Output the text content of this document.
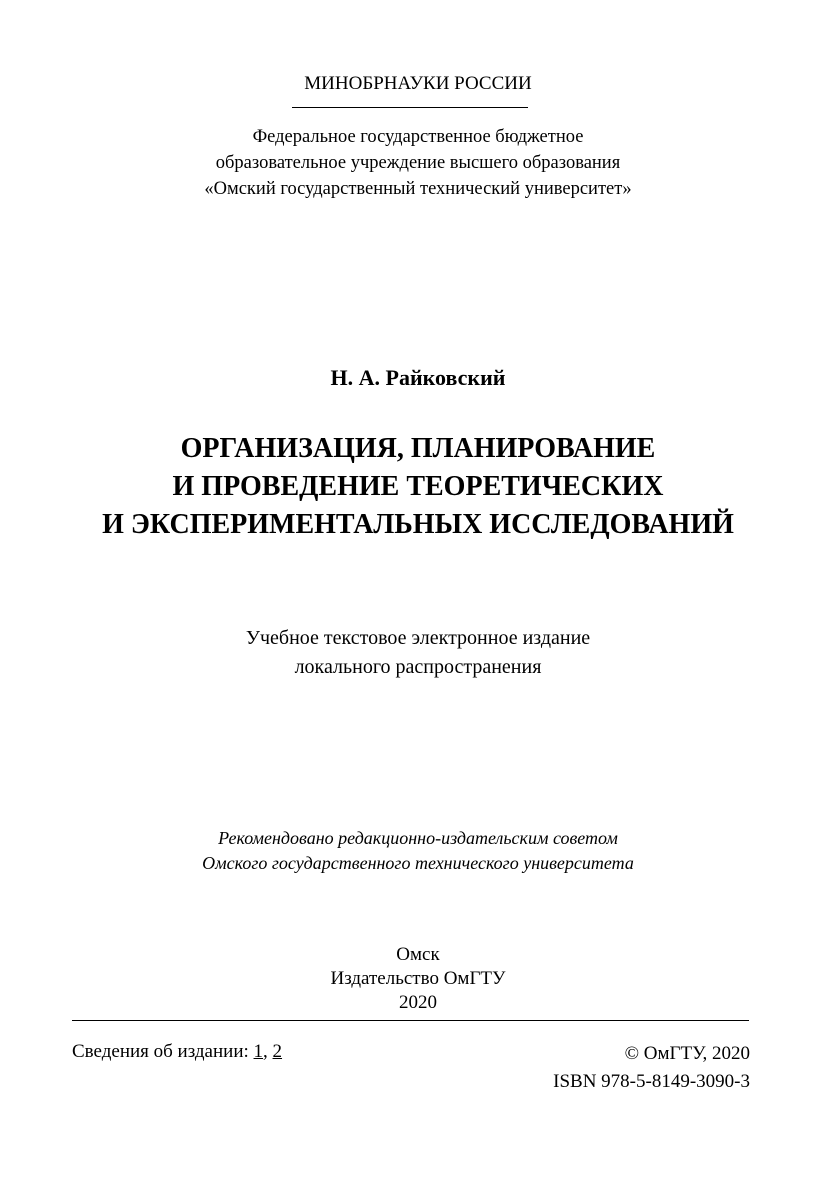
МИНОБРНАУКИ РОССИИ
Федеральное государственное бюджетное
образовательное учреждение высшего образования
«Омский государственный технический университет»
Н. А. Райковский
ОРГАНИЗАЦИЯ, ПЛАНИРОВАНИЕ
И ПРОВЕДЕНИЕ ТЕОРЕТИЧЕСКИХ
И ЭКСПЕРИМЕНТАЛЬНЫХ ИССЛЕДОВАНИЙ
Учебное текстовое электронное издание
локального распространения
Рекомендовано редакционно-издательским советом
Омского государственного технического университета
Омск
Издательство ОмГТУ
2020
Сведения об издании: 1, 2	© ОмГТУ, 2020
ISBN 978-5-8149-3090-3
